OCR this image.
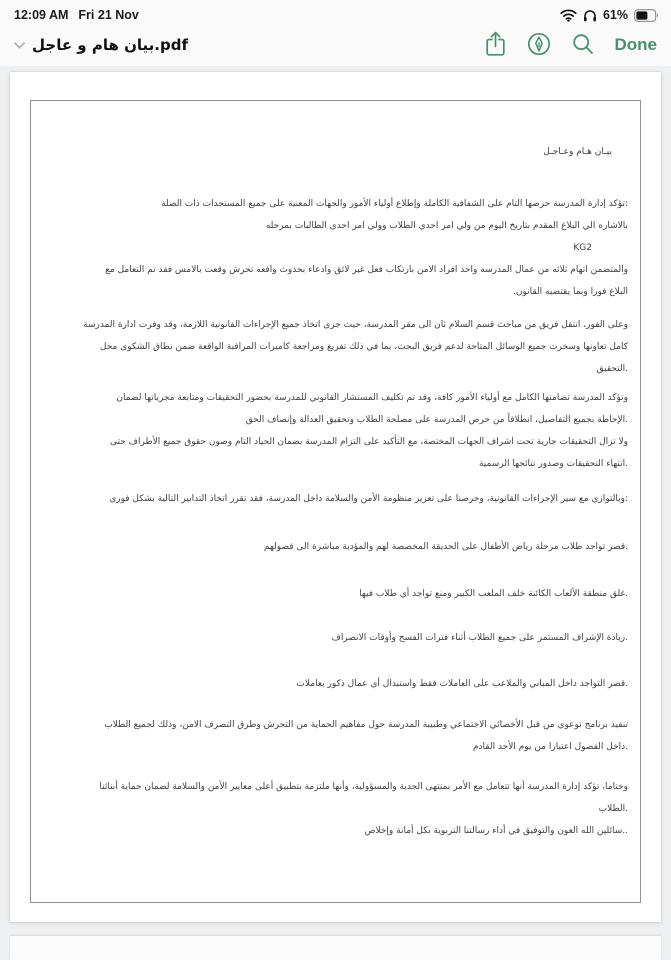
12:09 AM Fri 21 Nov	61%
بيان هام و عاجل.pdf	Done
بيـان هـام وعـاجـل
:تؤكد إدارة المدرسة حرصها التام على الشفافية الكاملة وإطلاع أولياء الأمور والجهات المعنية على جميع المستجدات ذات الصلة
بالاشاره الي البلاغ المقدم بتاريخ اليوم من ولي امر احدي الطلاب وولي امر احدي الطالبات بمرحله
KG2
والمتضمن اتهام ثلاثه من عمال المدرسه واحد افراد الامن بارتكاب فعل غير لائق وادعاء بحدوث واقعه تحرش وقعت بالامس فقد تم التعامل مع
البلاغ فورا وبما يقتضيه القانون.
وعلى الفور، انتقل فريق من مباحث قسم السلام ثان الى مقر المدرسة، حيث جرى اتخاذ جميع الإجراءات القانونية اللازمة، وقد وفرت ادارة المدرسة
كامل تعاونها وسخرت جميع الوسائل المتاحة لدعم فريق البحث، بما في ذلك تفريغ ومراجعة كاميرات المراقبة الواقعة ضمن نطاق الشكوى محل
.التحقيق
وتؤكد المدرسة تضامنها الكامل مع أولياء الأمور كافة، وقد تم تكليف المستشار القانوني للمدرسة بحضور التحقيقات ومتابعة مجرياتها لضمان
.الإحاطة بجميع التفاصيل، انطلاقاً من حرص المدرسة على مصلحة الطلاب وتحقيق العدالة وإنصاف الحق
ولا تزال التحقيقات جارية تحت اشراف الجهات المختصة، مع التأكيد على التزام المدرسة بضمان الحياد التام وصون حقوق جميع الأطراف حتى
.انتهاء التحقيقات وصدور نتائجها الرسمية
:وبالتوازي مع سير الإجراءات القانونية، وحرصنا على تعزيز منظومة الأمن والسلامة داخل المدرسة، فقد تقرر اتخاذ التدابير التالية بشكل فوري
.قصر تواجد طلاب مرحلة رياض الأطفال على الحديقة المخصصة لهم والمؤدية مباشرة الى فصولهم
.غلق منطقة الألعاب الكائنة خلف الملعب الكبير ومنع تواجد أي طلاب فيها
.زيادة الإشراف المستمر على جميع الطلاب أثناء فترات الفسح وأوقات الانصراف
.قصر التواجد داخل المباني والملاعب على العاملات فقط واستبدال أي عمال ذكور بعاملات
تنفيذ برنامج توعوي من قبل الأخصائي الاجتماعي وطبيبة المدرسة حول مفاهيم الحماية من التحرش وطرق التصرف الامن، وذلك لجميع الطلاب
.داخل الفصول اعتبارا من يوم الأحد القادم
وختاما، تؤكد إدارة المدرسة أنها تتعامل مع الأمر بمنتهى الجدية والمسؤولية، وأنها ملتزمة بتطبيق أعلى معايير الأمن والسلامة لضمان حماية أبنائنا
.الطلاب
..سائلين الله العون والتوفيق في أداء رسالتنا التربوية بكل أمانة وإخلاص
